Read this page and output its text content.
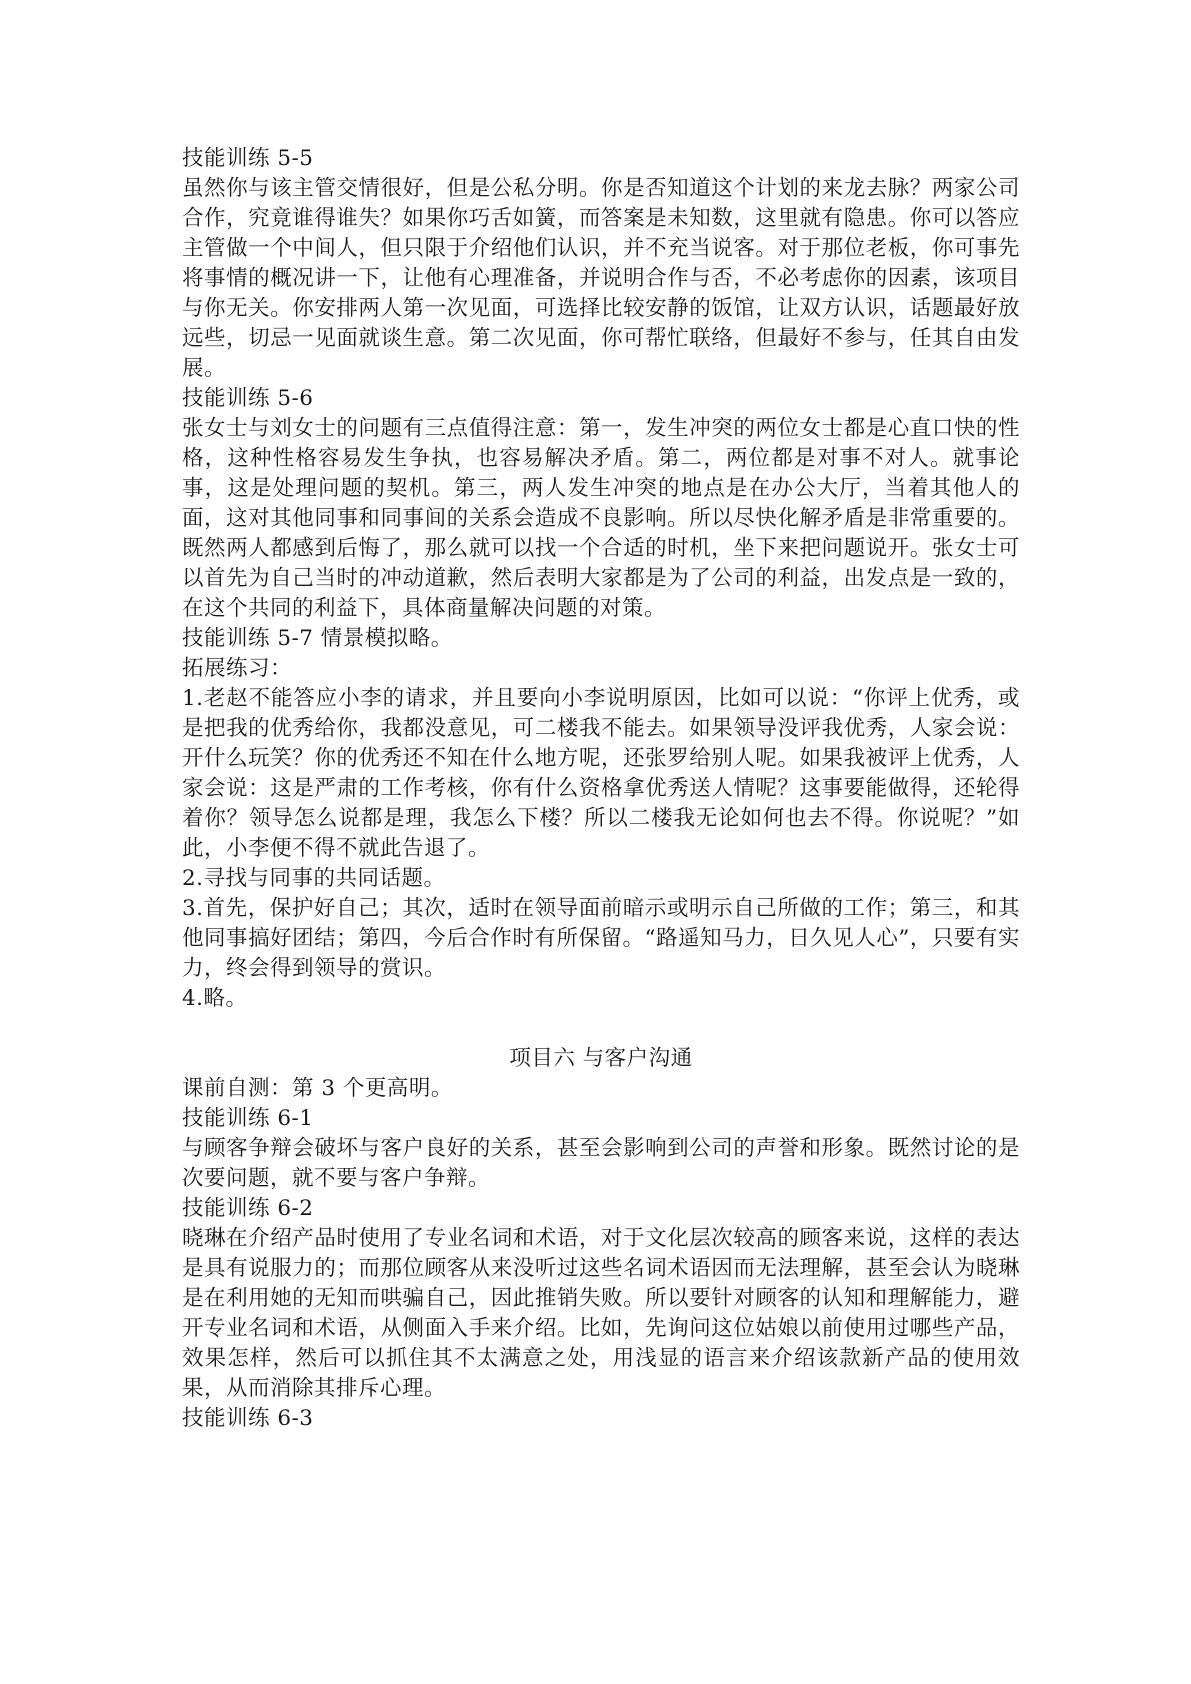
技能训练 5-5

虽然你与该主管交情很好，但是公私分明。你是否知道这个计划的来龙去脉？两家公司合作，究竟谁得谁失？如果你巧舌如簧，而答案是未知数，这里就有隐患。你可以答应主管做一个中间人，但只限于介绍他们认识，并不充当说客。对于那位老板，你可事先将事情的概况讲一下，让他有心理准备，并说明合作与否，不必考虑你的因素，该项目与你无关。你安排两人第一次见面，可选择比较安静的饭馆，让双方认识，话题最好放远些，切忌一见面就谈生意。第二次见面，你可帮忙联络，但最好不参与，任其自由发展。

技能训练 5-6

张女士与刘女士的问题有三点值得注意：第一，发生冲突的两位女士都是心直口快的性格，这种性格容易发生争执，也容易解决矛盾。第二，两位都是对事不对人。就事论事，这是处理问题的契机。第三，两人发生冲突的地点是在办公大厅，当着其他人的面，这对其他同事和同事间的关系会造成不良影响。所以尽快化解矛盾是非常重要的。既然两人都感到后悔了，那么就可以找一个合适的时机，坐下来把问题说开。张女士可以首先为自己当时的冲动道歉，然后表明大家都是为了公司的利益，出发点是一致的，在这个共同的利益下，具体商量解决问题的对策。

技能训练 5-7 情景模拟略。

拓展练习：

1.老赵不能答应小李的请求，并且要向小李说明原因，比如可以说：“你评上优秀，或是把我的优秀给你，我都没意见，可二楼我不能去。如果领导没评我优秀，人家会说：开什么玩笑？你的优秀还不知在什么地方呢，还张罗给别人呢。如果我被评上优秀，人家会说：这是严肃的工作考核，你有什么资格拿优秀送人情呢？这事要能做得，还轮得着你？领导怎么说都是理，我怎么下楼？所以二楼我无论如何也去不得。你说呢？”如此，小李便不得不就此告退了。

2.寻找与同事的共同话题。

3.首先，保护好自己；其次，适时在领导面前暗示或明示自己所做的工作；第三，和其他同事搞好团结；第四，今后合作时有所保留。“路遥知马力，日久见人心”，只要有实力，终会得到领导的赏识。

4.略。

项目六 与客户沟通

课前自测：第 3 个更高明。

技能训练 6-1

与顾客争辩会破坏与客户良好的关系，甚至会影响到公司的声誉和形象。既然讨论的是次要问题，就不要与客户争辩。

技能训练 6-2

晓琳在介绍产品时使用了专业名词和术语，对于文化层次较高的顾客来说，这样的表达是具有说服力的；而那位顾客从来没听过这些名词术语因而无法理解，甚至会认为晓琳是在利用她的无知而哄骗自己，因此推销失败。所以要针对顾客的认知和理解能力，避开专业名词和术语，从侧面入手来介绍。比如，先询问这位姑娘以前使用过哪些产品，效果怎样，然后可以抓住其不太满意之处，用浅显的语言来介绍该款新产品的使用效果，从而消除其排斥心理。

技能训练 6-3
